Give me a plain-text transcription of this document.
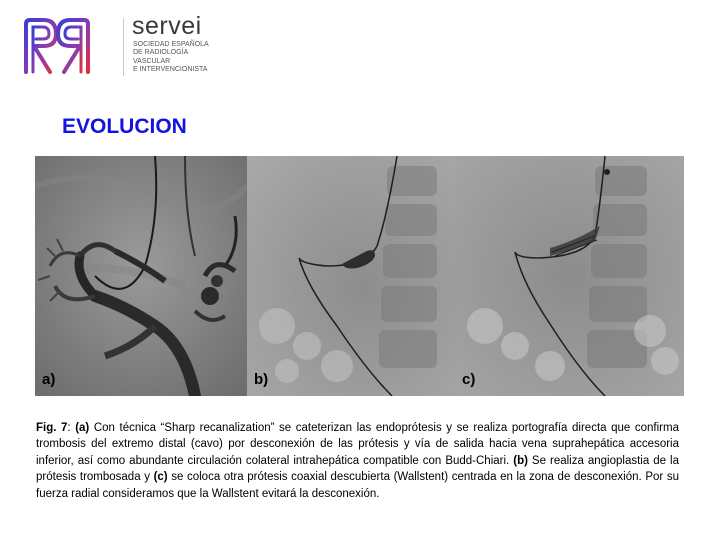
servei
SOCIEDAD ESPAÑOLA
DE RADIOLOGÍA
VASCULAR
E INTERVENCIONISTA
EVOLUCION
a)	b)	c)
Fig. 7: (a) Con técnica “Sharp recanalization” se cateterizan las endoprótesis y se realiza portografía directa que confirma trombosis del extremo distal (cavo) por desconexión de las prótesis y vía de salida hacia vena suprahepática accesoria inferior, así como abundante circulación colateral intrahepática compatible con Budd-Chiari. (b) Se realiza angioplastia de la prótesis trombosada y (c) se coloca otra prótesis coaxial descubierta (Wallstent) centrada en la zona de desconexión. Por su fuerza radial consideramos que la Wallstent evitará la desconexión.
